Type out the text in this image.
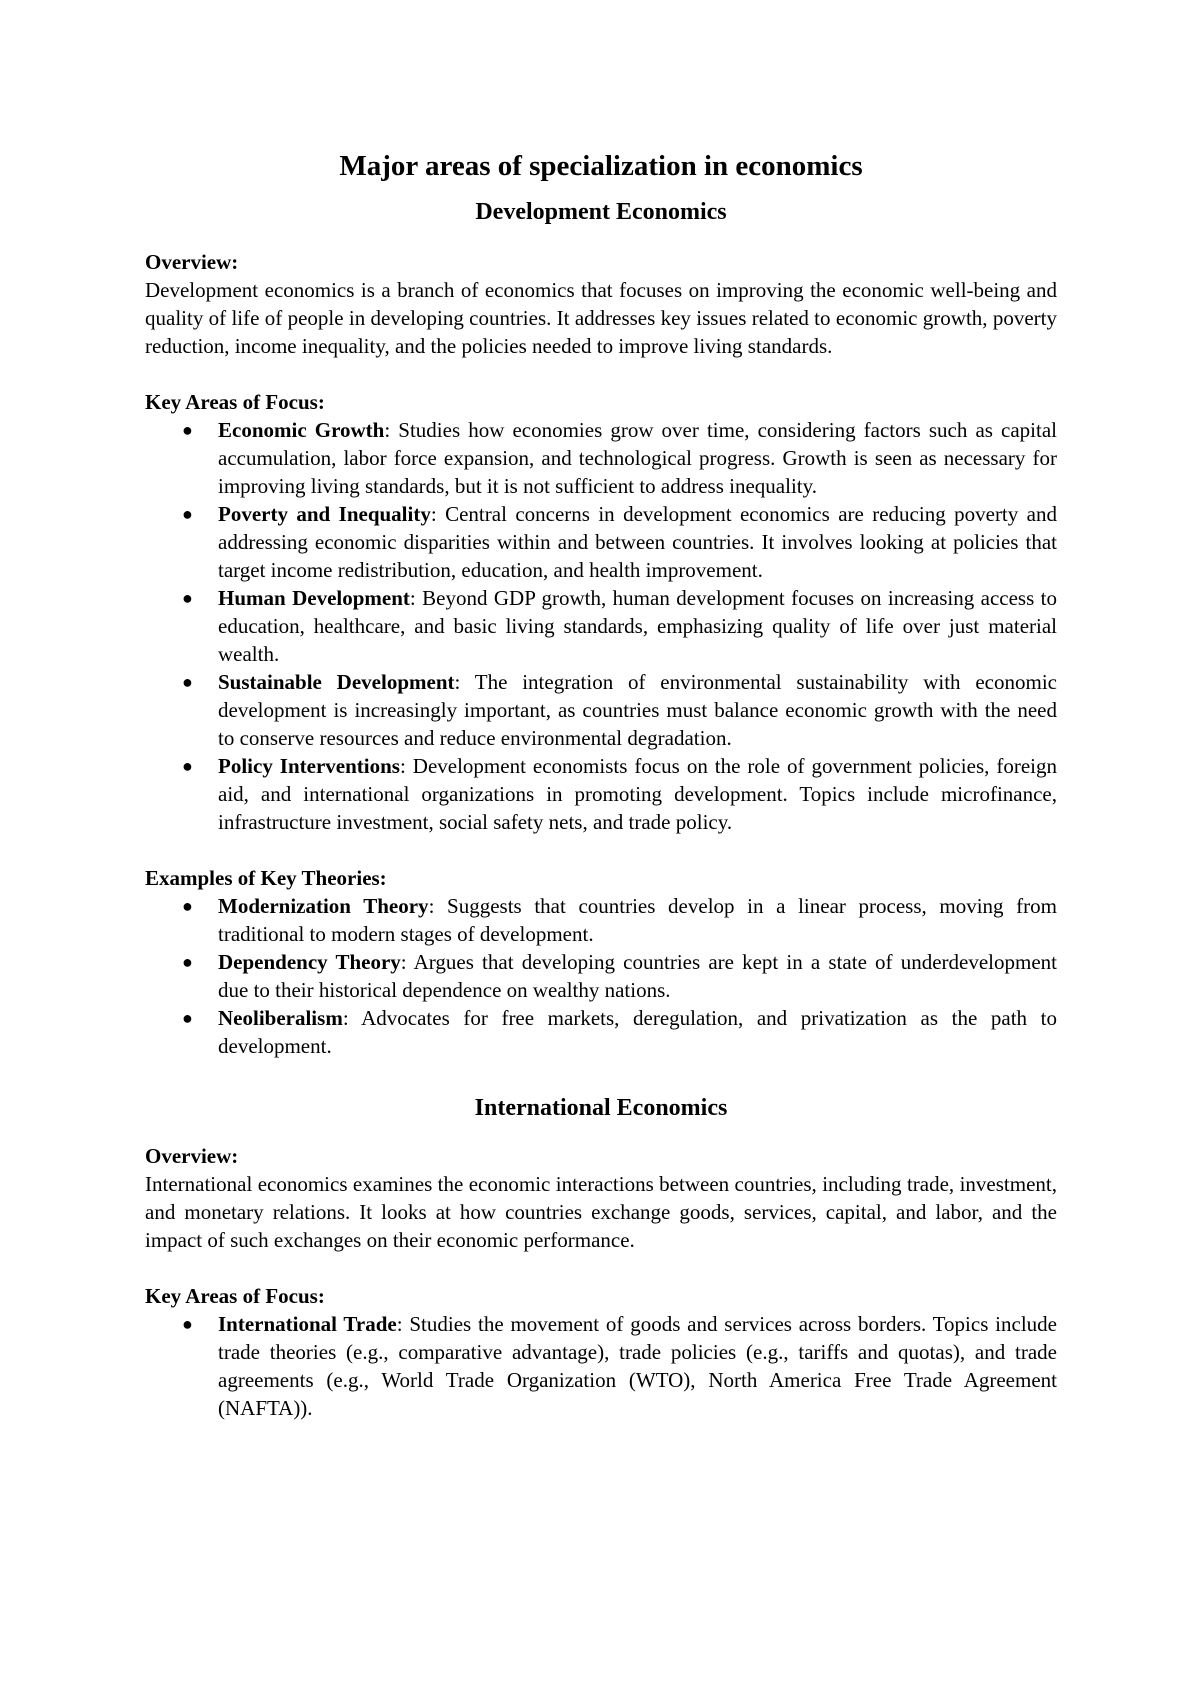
Major areas of specialization in economics
Development Economics

Overview:

Development economics is a branch of economics that focuses on improving the economic well-being and quality of life of people in developing countries. It addresses key issues related to economic growth, poverty reduction, income inequality, and the policies needed to improve living standards.

Key Areas of Focus:

● Economic Growth: Studies how economies grow over time, considering factors such as capital accumulation, labor force expansion, and technological progress. Growth is seen as necessary for improving living standards, but it is not sufficient to address inequality.
● Poverty and Inequality: Central concerns in development economics are reducing poverty and addressing economic disparities within and between countries. It involves looking at policies that target income redistribution, education, and health improvement.
● Human Development: Beyond GDP growth, human development focuses on increasing access to education, healthcare, and basic living standards, emphasizing quality of life over just material wealth.
● Sustainable Development: The integration of environmental sustainability with economic development is increasingly important, as countries must balance economic growth with the need to conserve resources and reduce environmental degradation.
● Policy Interventions: Development economists focus on the role of government policies, foreign aid, and international organizations in promoting development. Topics include microfinance, infrastructure investment, social safety nets, and trade policy.

Examples of Key Theories:

● Modernization Theory: Suggests that countries develop in a linear process, moving from traditional to modern stages of development.
● Dependency Theory: Argues that developing countries are kept in a state of underdevelopment due to their historical dependence on wealthy nations.
● Neoliberalism: Advocates for free markets, deregulation, and privatization as the path to development.
International Economics

Overview:

International economics examines the economic interactions between countries, including trade, investment, and monetary relations. It looks at how countries exchange goods, services, capital, and labor, and the impact of such exchanges on their economic performance.

Key Areas of Focus:

● International Trade: Studies the movement of goods and services across borders. Topics include trade theories (e.g., comparative advantage), trade policies (e.g., tariffs and quotas), and trade agreements (e.g., World Trade Organization (WTO), North America Free Trade Agreement (NAFTA)).
